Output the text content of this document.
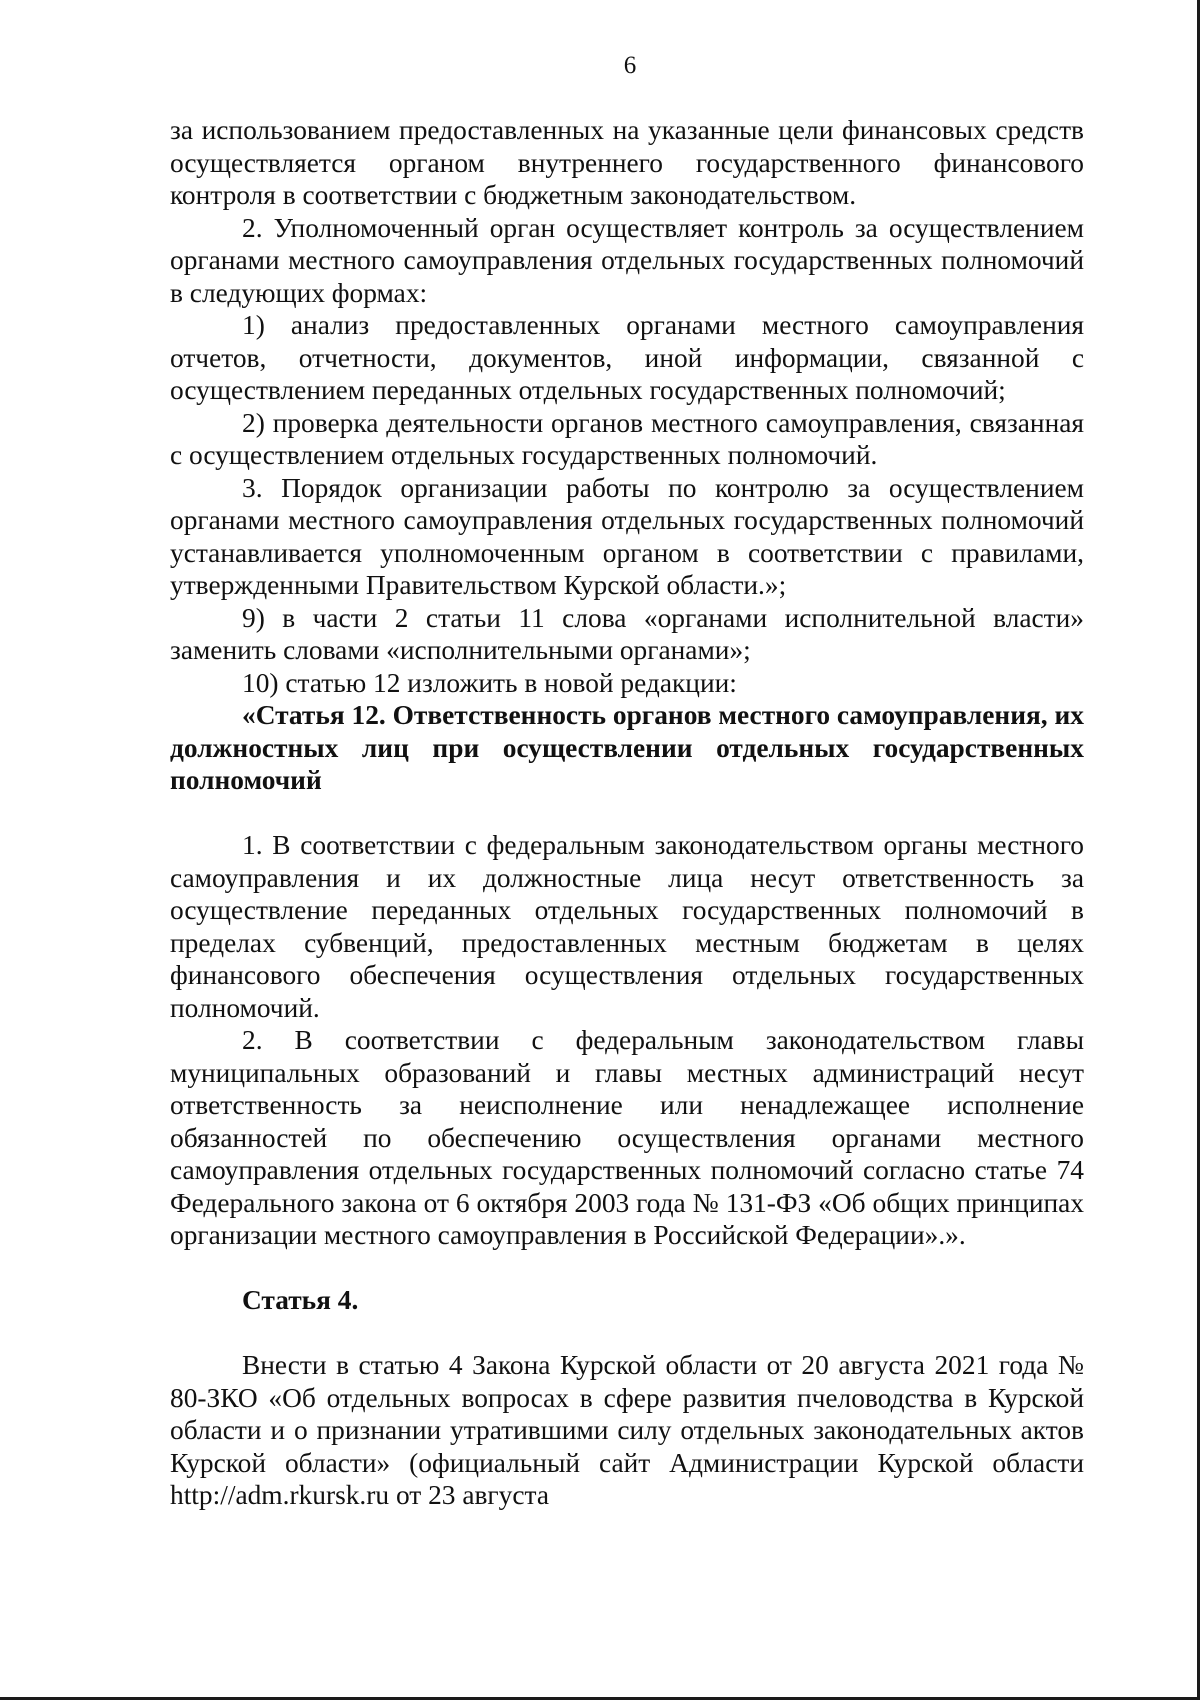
6

за использованием предоставленных на указанные цели финансовых средств осуществляется органом внутреннего государственного финансового контроля в соответствии с бюджетным законодательством.

2. Уполномоченный орган осуществляет контроль за осуществлением органами местного самоуправления отдельных государственных полномочий в следующих формах:

1) анализ предоставленных органами местного самоуправления отчетов, отчетности, документов, иной информации, связанной с осуществлением переданных отдельных государственных полномочий;

2) проверка деятельности органов местного самоуправления, связанная с осуществлением отдельных государственных полномочий.

3. Порядок организации работы по контролю за осуществлением органами местного самоуправления отдельных государственных полномочий устанавливается уполномоченным органом в соответствии с правилами, утвержденными Правительством Курской области.»;

9) в части 2 статьи 11 слова «органами исполнительной власти» заменить словами «исполнительными органами»;

10) статью 12 изложить в новой редакции:

«Статья 12. Ответственность органов местного самоуправления, их должностных лиц при осуществлении отдельных государственных полномочий

1. В соответствии с федеральным законодательством органы местного самоуправления и их должностные лица несут ответственность за осуществление переданных отдельных государственных полномочий в пределах субвенций, предоставленных местным бюджетам в целях финансового обеспечения осуществления отдельных государственных полномочий.

2. В соответствии с федеральным законодательством главы муниципальных образований и главы местных администраций несут ответственность за неисполнение или ненадлежащее исполнение обязанностей по обеспечению осуществления органами местного самоуправления отдельных государственных полномочий согласно статье 74 Федерального закона от 6 октября 2003 года № 131-ФЗ «Об общих принципах организации местного самоуправления в Российской Федерации».».

Статья 4.

Внести в статью 4 Закона Курской области от 20 августа 2021 года № 80-ЗКО «Об отдельных вопросах в сфере развития пчеловодства в Курской области и о признании утратившими силу отдельных законодательных актов Курской области» (официальный сайт Администрации Курской области http://adm.rkursk.ru от 23 августа
